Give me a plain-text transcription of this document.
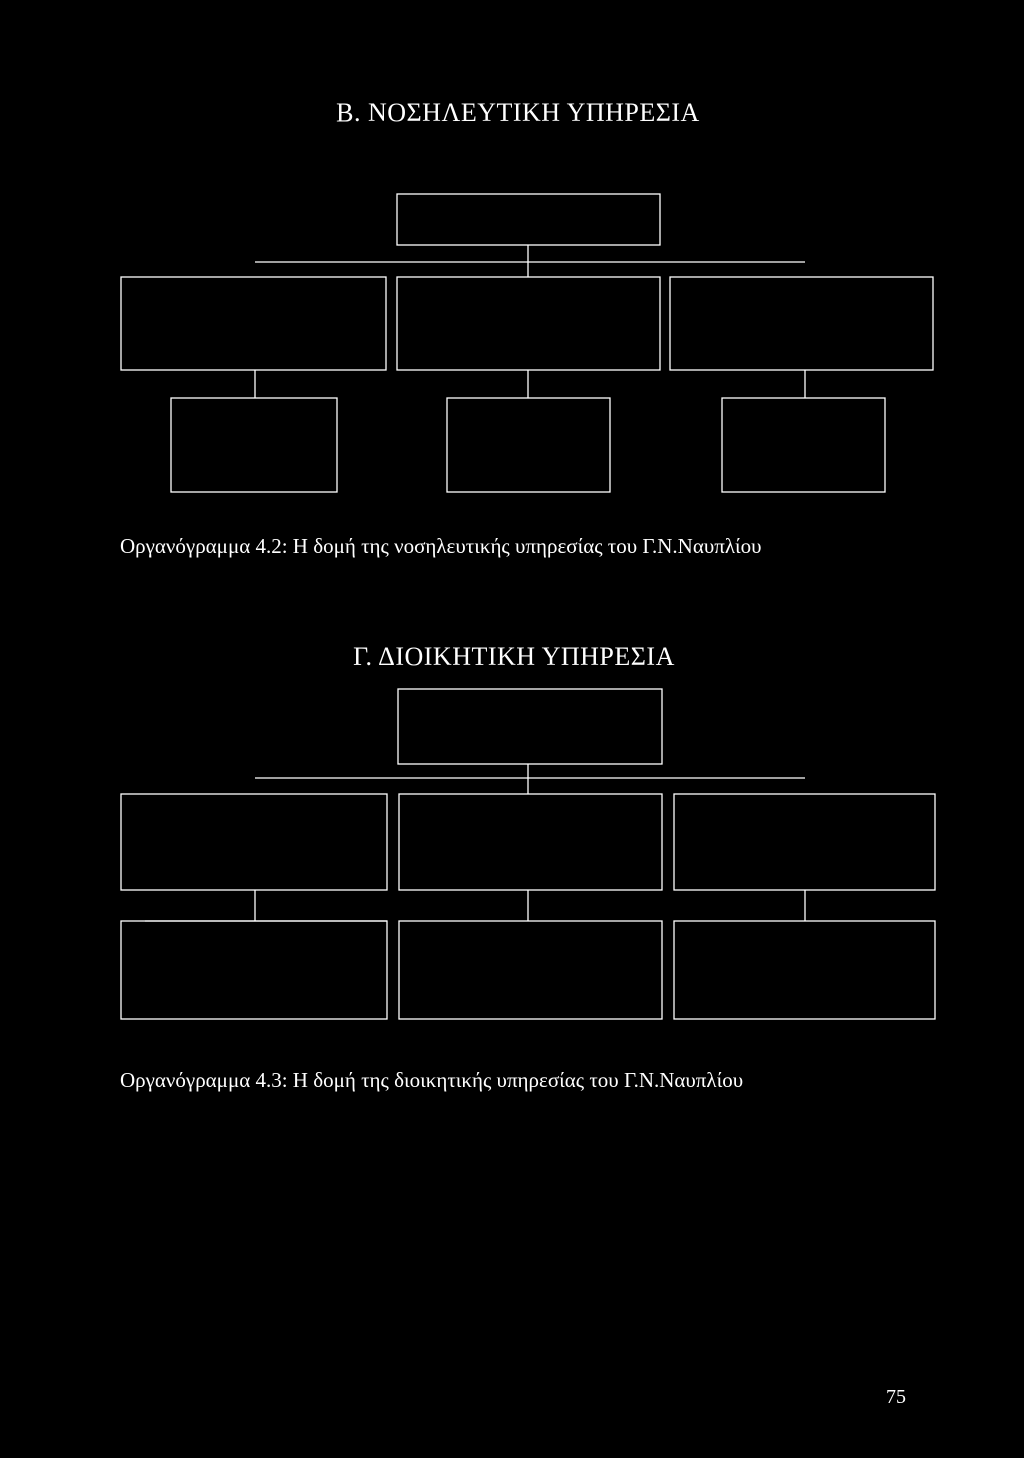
Β. ΝΟΣΗΛΕΥΤΙΚΗ ΥΠΗΡΕΣΙΑ
Οργανόγραμμα 4.2: Η δομή της νοσηλευτικής υπηρεσίας του Γ.Ν.Ναυπλίου
Γ. ΔΙΟΙΚΗΤΙΚΗ ΥΠΗΡΕΣΙΑ
Οργανόγραμμα 4.3: Η δομή της διοικητικής υπηρεσίας του Γ.Ν.Ναυπλίου
75
